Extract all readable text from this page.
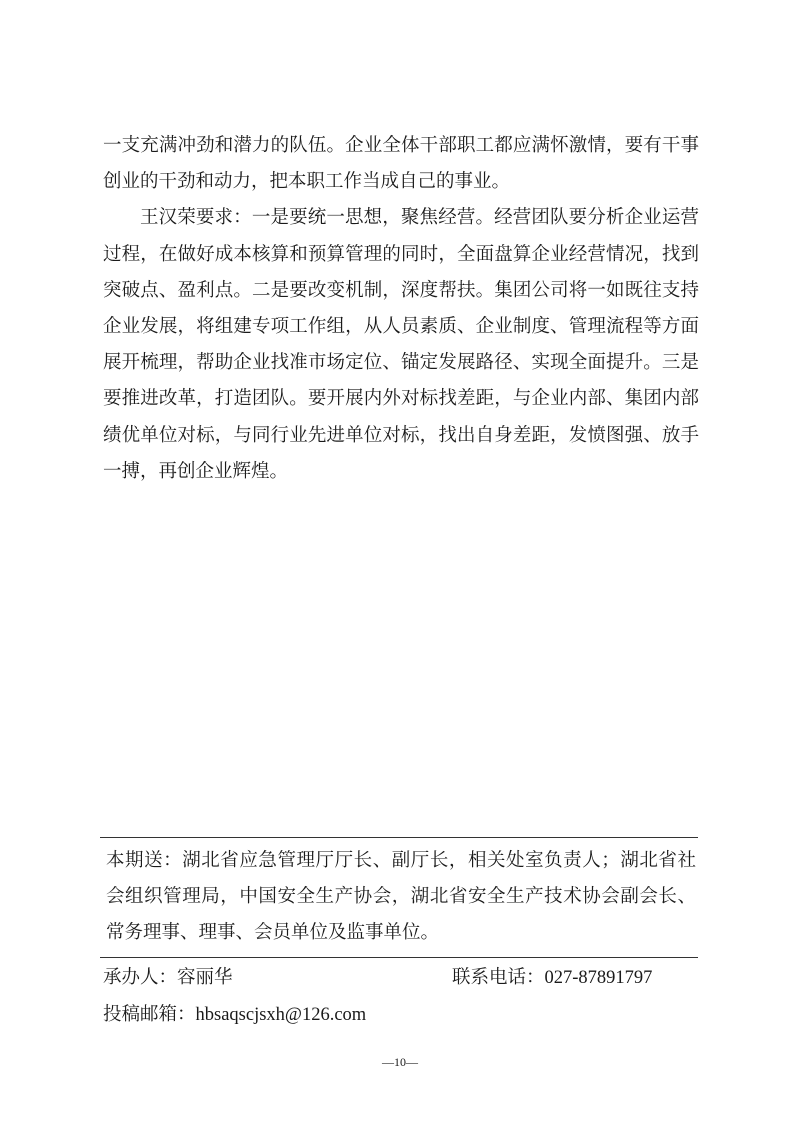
一支充满冲劲和潜力的队伍。企业全体干部职工都应满怀激情，要有干事创业的干劲和动力，把本职工作当成自己的事业。

王汉荣要求：一是要统一思想，聚焦经营。经营团队要分析企业运营过程，在做好成本核算和预算管理的同时，全面盘算企业经营情况，找到突破点、盈利点。二是要改变机制，深度帮扶。集团公司将一如既往支持企业发展，将组建专项工作组，从人员素质、企业制度、管理流程等方面展开梳理，帮助企业找准市场定位、锚定发展路径、实现全面提升。三是要推进改革，打造团队。要开展内外对标找差距，与企业内部、集团内部绩优单位对标，与同行业先进单位对标，找出自身差距，发愤图强、放手一搏，再创企业辉煌。

本期送：湖北省应急管理厅厅长、副厅长，相关处室负责人；湖北省社会组织管理局，中国安全生产协会，湖北省安全生产技术协会副会长、常务理事、理事、会员单位及监事单位。
承办人：容丽华	联系电话：027-87891797
投稿邮箱：hbsaqscjsxh@126.com
—10—
